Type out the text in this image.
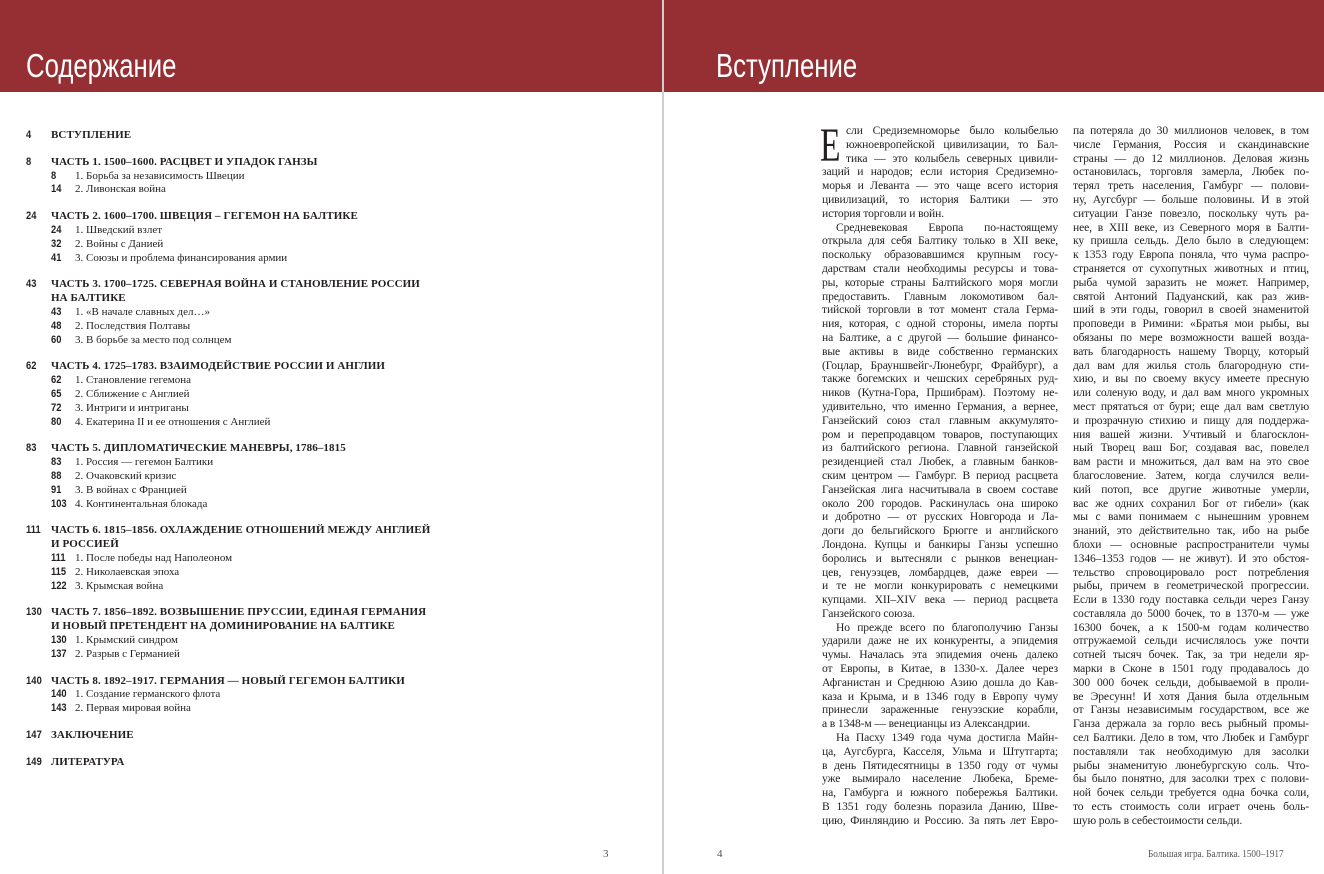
Содержание	Вступление
4 ВСТУПЛЕНИЕ
8 ЧАСТЬ 1. 1500–1600. РАСЦВЕТ И УПАДОК ГАНЗЫ
8 1. Борьба за независимость Швеции
14 2. Ливонская война
24 ЧАСТЬ 2. 1600–1700. ШВЕЦИЯ – ГЕГЕМОН НА БАЛТИКЕ
24 1. Шведский взлет
32 2. Войны с Данией
41 3. Союзы и проблема финансирования армии
43 ЧАСТЬ 3. 1700–1725. СЕВЕРНАЯ ВОЙНА И СТАНОВЛЕНИЕ РОССИИ
НА БАЛТИКЕ
43 1. «В начале славных дел…»
48 2. Последствия Полтавы
60 3. В борьбе за место под солнцем
62 ЧАСТЬ 4. 1725–1783. ВЗАИМОДЕЙСТВИЕ РОССИИ И АНГЛИИ
62 1. Становление гегемона
65 2. Сближение с Англией
72 3. Интриги и интриганы
80 4. Екатерина II и ее отношения с Англией
83 ЧАСТЬ 5. ДИПЛОМАТИЧЕСКИЕ МАНЕВРЫ, 1786–1815
83 1. Россия — гегемон Балтики
88 2. Очаковский кризис
91 3. В войнах с Францией
103 4. Континентальная блокада
111 ЧАСТЬ 6. 1815–1856. ОХЛАЖДЕНИЕ ОТНОШЕНИЙ МЕЖДУ АНГЛИЕЙ
И РОССИЕЙ
111 1. После победы над Наполеоном
115 2. Николаевская эпоха
122 3. Крымская война
130 ЧАСТЬ 7. 1856–1892. ВОЗВЫШЕНИЕ ПРУССИИ, ЕДИНАЯ ГЕРМАНИЯ
И НОВЫЙ ПРЕТЕНДЕНТ НА ДОМИНИРОВАНИЕ НА БАЛТИКЕ
130 1. Крымский синдром
137 2. Разрыв с Германией
140 ЧАСТЬ 8. 1892–1917. ГЕРМАНИЯ — НОВЫЙ ГЕГЕМОН БАЛТИКИ
140 1. Создание германского флота
143 2. Первая мировая война
147 ЗАКЛЮЧЕНИЕ
149 ЛИТЕРАТУРА
Е сли Средиземноморье было колыбелью
южноевропейской цивилизации, то Бал-
тика — это колыбель северных цивили-
заций и народов; если история Средиземно-
морья и Леванта — это чаще всего история
цивилизаций, то история Балтики — это
история торговли и войн.
Средневековая Европа по-настоящему
открыла для себя Балтику только в XII веке,
поскольку образовавшимся крупным госу-
дарствам стали необходимы ресурсы и това-
ры, которые страны Балтийского моря могли
предоставить. Главным локомотивом бал-
тийской торговли в тот момент стала Герма-
ния, которая, с одной стороны, имела порты
на Балтике, а с другой — большие финансо-
вые активы в виде собственно германских
(Гоцлар, Брауншвейг-Люнебург, Фрайбург), а
также богемских и чешских серебряных руд-
ников (Кутна-Гора, Пршибрам). Поэтому не-
удивительно, что именно Германия, а вернее,
Ганзейский союз стал главным аккумулято-
ром и перепродавцом товаров, поступающих
из балтийского региона. Главной ганзейской
резиденцией стал Любек, а главным банков-
ским центром — Гамбург. В период расцвета
Ганзейская лига насчитывала в своем составе
около 200 городов. Раскинулась она широко
и добротно — от русских Новгорода и Ла-
доги до бельгийского Брюгге и английского
Лондона. Купцы и банкиры Ганзы успешно
боролись и вытесняли с рынков венециан-
цев, генуэзцев, ломбардцев, даже евреи —
и те не могли конкурировать с немецкими
купцами. XII–XIV века — период расцвета
Ганзейского союза.
Но прежде всего по благополучию Ганзы
ударили даже не их конкуренты, а эпидемия
чумы. Началась эта эпидемия очень далеко
от Европы, в Китае, в 1330-х. Далее через
Афганистан и Среднюю Азию дошла до Кав-
каза и Крыма, и в 1346 году в Европу чуму
принесли зараженные генуэзские корабли,
а в 1348-м — венецианцы из Александрии.
На Пасху 1349 года чума достигла Майн-
ца, Аугсбурга, Касселя, Ульма и Штутгарта;
в день Пятидесятницы в 1350 году от чумы
уже вымирало население Любека, Бреме-
на, Гамбурга и южного побережья Балтики.
В 1351 году болезнь поразила Данию, Шве-
цию, Финляндию и Россию. За пять лет Евро-
па потеряла до 30 миллионов человек, в том
числе Германия, Россия и скандинавские
страны — до 12 миллионов. Деловая жизнь
остановилась, торговля замерла, Любек по-
терял треть населения, Гамбург — полови-
ну, Аугсбург — больше половины. И в этой
ситуации Ганзе повезло, поскольку чуть ра-
нее, в XIII веке, из Северного моря в Балти-
ку пришла сельдь. Дело было в следующем:
к 1353 году Европа поняла, что чума распро-
страняется от сухопутных животных и птиц,
рыба чумой заразить не может. Например,
святой Антоний Падуанский, как раз жив-
ший в эти годы, говорил в своей знаменитой
проповеди в Римини: «Братья мои рыбы, вы
обязаны по мере возможности вашей возда-
вать благодарность нашему Творцу, который
дал вам для жилья столь благородную сти-
хию, и вы по своему вкусу имеете пресную
или соленую воду, и дал вам много укромных
мест прятаться от бури; еще дал вам светлую
и прозрачную стихию и пищу для поддержа-
ния вашей жизни. Учтивый и благосклон-
ный Творец ваш Бог, создавая вас, повелел
вам расти и множиться, дал вам на это свое
благословение. Затем, когда случился вели-
кий потоп, все другие животные умерли,
вас же одних сохранил Бог от гибели» (как
мы с вами понимаем с нынешним уровнем
знаний, это действительно так, ибо на рыбе
блохи — основные распространители чумы
1346–1353 годов — не живут). И это обстоя-
тельство спровоцировало рост потребления
рыбы, причем в геометрической прогрессии.
Если в 1330 году поставка сельди через Ганзу
составляла до 5000 бочек, то в 1370-м — уже
16300 бочек, а к 1500-м годам количество
отгружаемой сельди исчислялось уже почти
сотней тысяч бочек. Так, за три недели яр-
марки в Сконе в 1501 году продавалось до
300 000 бочек сельди, добываемой в проли-
ве Эресунн! И хотя Дания была отдельным
от Ганзы независимым государством, все же
Ганза держала за горло весь рыбный промы-
сел Балтики. Дело в том, что Любек и Гамбург
поставляли так необходимую для засолки
рыбы знаменитую люнебургскую соль. Что-
бы было понятно, для засолки трех с полови-
ной бочек сельди требуется одна бочка соли,
то есть стоимость соли играет очень боль-
шую роль в себестоимости сельди.
3	4	Большая игра. Балтика. 1500–1917
